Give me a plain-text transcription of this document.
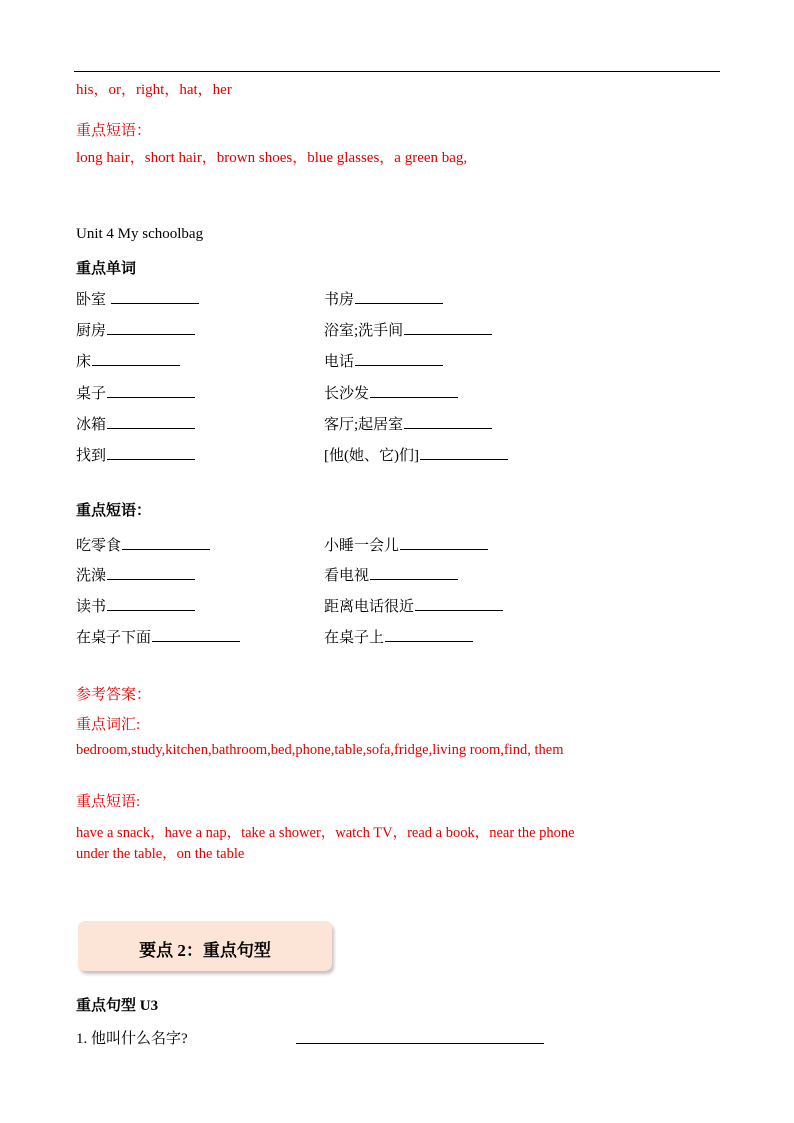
his，or，right，hat，her
重点短语：
long hair，short hair，brown shoes，blue glasses，a green bag,
Unit 4 My schoolbag
重点单词
卧室	书房
厨房	浴室;洗手间
床	电话
桌子	长沙发
冰箱	客厅;起居室
找到	[他(她、它)们]
重点短语：
吃零食	小睡一会儿
洗澡	看电视
读书	距离电话很近
在桌子下面	在桌子上
参考答案：
重点词汇:
bedroom,study,kitchen,bathroom,bed,phone,table,sofa,fridge,living room,find, them
重点短语:
have a snack，have a nap，take a shower，watch TV，read a book，near the phone
under the table，on the table
要点 2：重点句型
重点句型 U3
1. 他叫什么名字?
